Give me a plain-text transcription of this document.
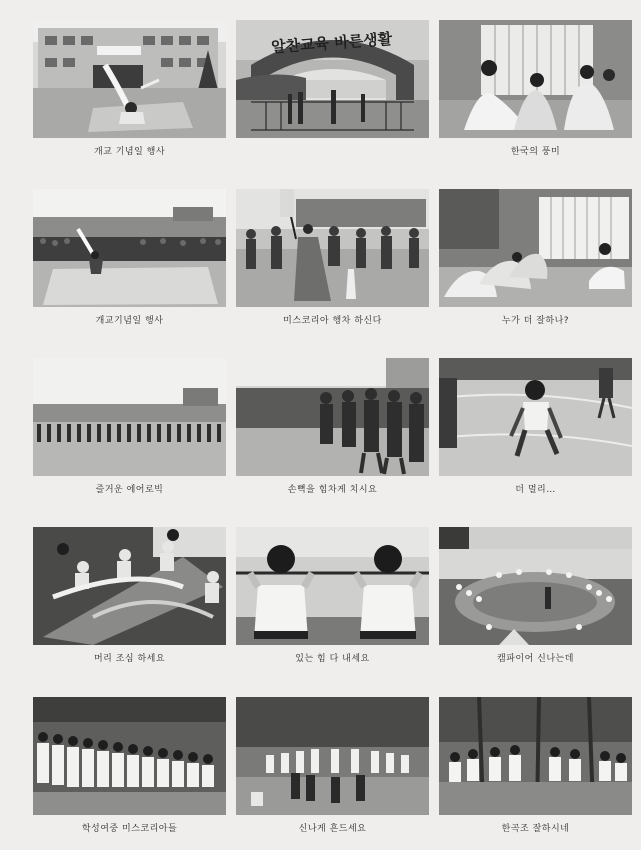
개교 기념일 행사
알찬교육 바른생활
한국의 풍미
개교기념일 행사	미스코리아 행차 하신다	누가 더 잘하나?
즐거운 에어로빅	손뼉을 힘차게 치시요	더 멀리…
머리 조심 하세요	있는 힘 다 내세요	캠파이어 신나는데
학성여중 미스코리아들	신나게 흔드세요	한곡조 잘하시네
